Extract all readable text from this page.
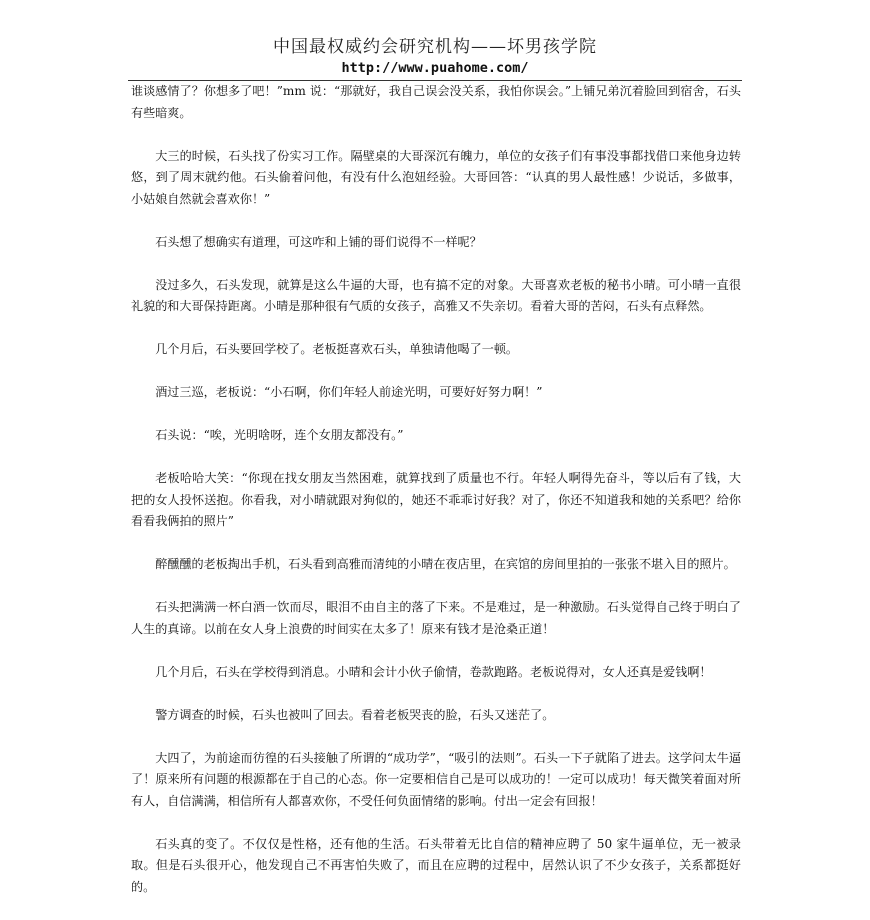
中国最权威约会研究机构——坏男孩学院
http://www.puahome.com/

谁谈感情了？你想多了吧！”mm 说：“那就好，我自己误会没关系，我怕你误会。”上铺兄弟沉着脸回到宿舍，石头有些暗爽。

大三的时候，石头找了份实习工作。隔壁桌的大哥深沉有魄力，单位的女孩子们有事没事都找借口来他身边转悠，到了周末就约他。石头偷着问他，有没有什么泡妞经验。大哥回答：“认真的男人最性感！少说话，多做事，小姑娘自然就会喜欢你！”

石头想了想确实有道理，可这咋和上铺的哥们说得不一样呢？

没过多久，石头发现，就算是这么牛逼的大哥，也有搞不定的对象。大哥喜欢老板的秘书小晴。可小晴一直很礼貌的和大哥保持距离。小晴是那种很有气质的女孩子，高雅又不失亲切。看着大哥的苦闷，石头有点释然。

几个月后，石头要回学校了。老板挺喜欢石头，单独请他喝了一顿。

酒过三巡，老板说：“小石啊，你们年轻人前途光明，可要好好努力啊！”

石头说：“唉，光明啥呀，连个女朋友都没有。”

老板哈哈大笑：“你现在找女朋友当然困难，就算找到了质量也不行。年轻人啊得先奋斗，等以后有了钱，大把的女人投怀送抱。你看我，对小晴就跟对狗似的，她还不乖乖讨好我？对了，你还不知道我和她的关系吧？给你看看我俩拍的照片”

醉醺醺的老板掏出手机，石头看到高雅而清纯的小晴在夜店里，在宾馆的房间里拍的一张张不堪入目的照片。

石头把满满一杯白酒一饮而尽，眼泪不由自主的落了下来。不是难过，是一种激励。石头觉得自己终于明白了人生的真谛。以前在女人身上浪费的时间实在太多了！原来有钱才是沧桑正道！

几个月后，石头在学校得到消息。小晴和会计小伙子偷情，卷款跑路。老板说得对，女人还真是爱钱啊！

警方调查的时候，石头也被叫了回去。看着老板哭丧的脸，石头又迷茫了。

大四了，为前途而彷徨的石头接触了所谓的“成功学”，“吸引的法则”。石头一下子就陷了进去。这学问太牛逼了！原来所有问题的根源都在于自己的心态。你一定要相信自己是可以成功的！一定可以成功！每天微笑着面对所有人，自信满满，相信所有人都喜欢你，不受任何负面情绪的影响。付出一定会有回报！

石头真的变了。不仅仅是性格，还有他的生活。石头带着无比自信的精神应聘了 50 家牛逼单位，无一被录取。但是石头很开心，他发现自己不再害怕失败了，而且在应聘的过程中，居然认识了不少女孩子，关系都挺好的。
